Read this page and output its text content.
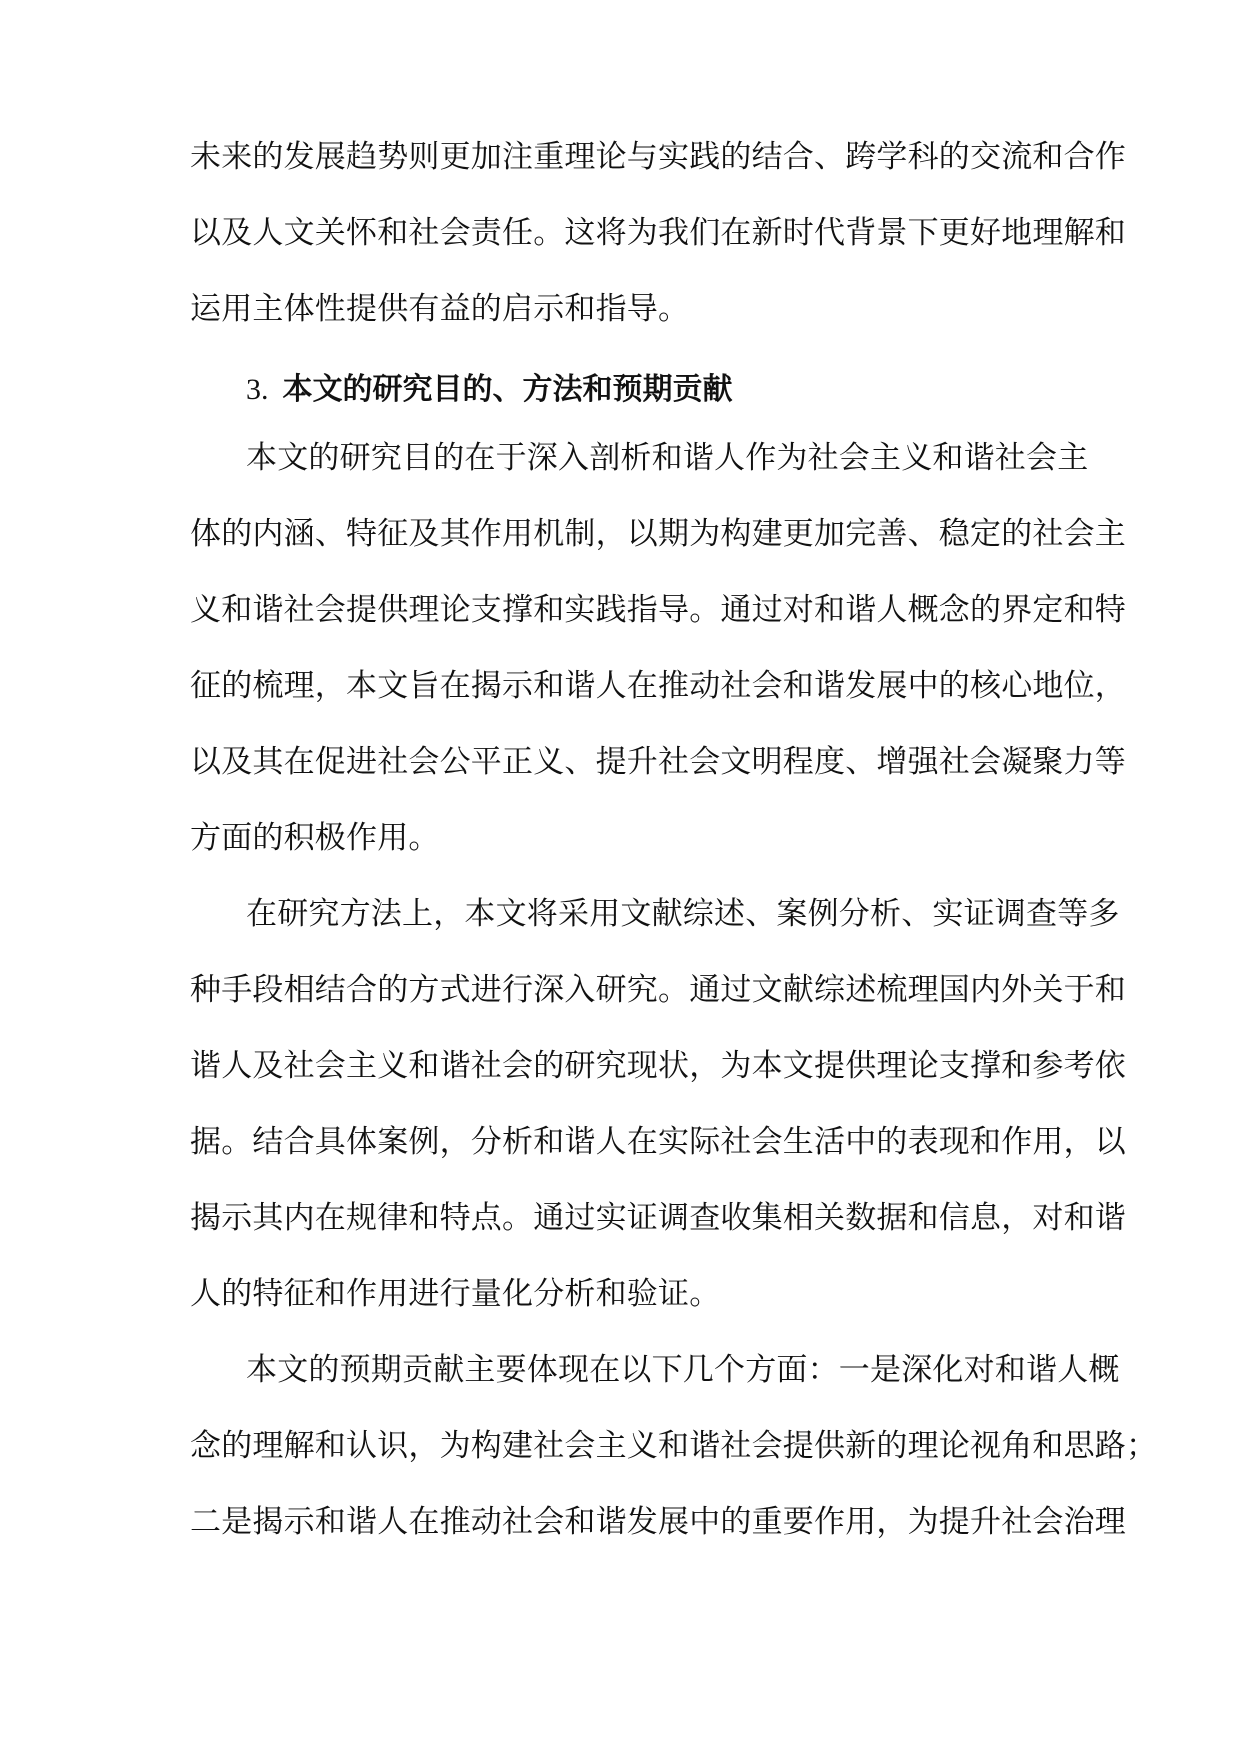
未来的发展趋势则更加注重理论与实践的结合、跨学科的交流和合作
以及人文关怀和社会责任。这将为我们在新时代背景下更好地理解和
运用主体性提供有益的启示和指导。
3. 本文的研究目的、方法和预期贡献
本文的研究目的在于深入剖析和谐人作为社会主义和谐社会主
体的内涵、特征及其作用机制，以期为构建更加完善、稳定的社会主
义和谐社会提供理论支撑和实践指导。通过对和谐人概念的界定和特
征的梳理，本文旨在揭示和谐人在推动社会和谐发展中的核心地位，
以及其在促进社会公平正义、提升社会文明程度、增强社会凝聚力等
方面的积极作用。
在研究方法上，本文将采用文献综述、案例分析、实证调查等多
种手段相结合的方式进行深入研究。通过文献综述梳理国内外关于和
谐人及社会主义和谐社会的研究现状，为本文提供理论支撑和参考依
据。结合具体案例，分析和谐人在实际社会生活中的表现和作用，以
揭示其内在规律和特点。通过实证调查收集相关数据和信息，对和谐
人的特征和作用进行量化分析和验证。
本文的预期贡献主要体现在以下几个方面：一是深化对和谐人概
念的理解和认识，为构建社会主义和谐社会提供新的理论视角和思路；
二是揭示和谐人在推动社会和谐发展中的重要作用，为提升社会治理
